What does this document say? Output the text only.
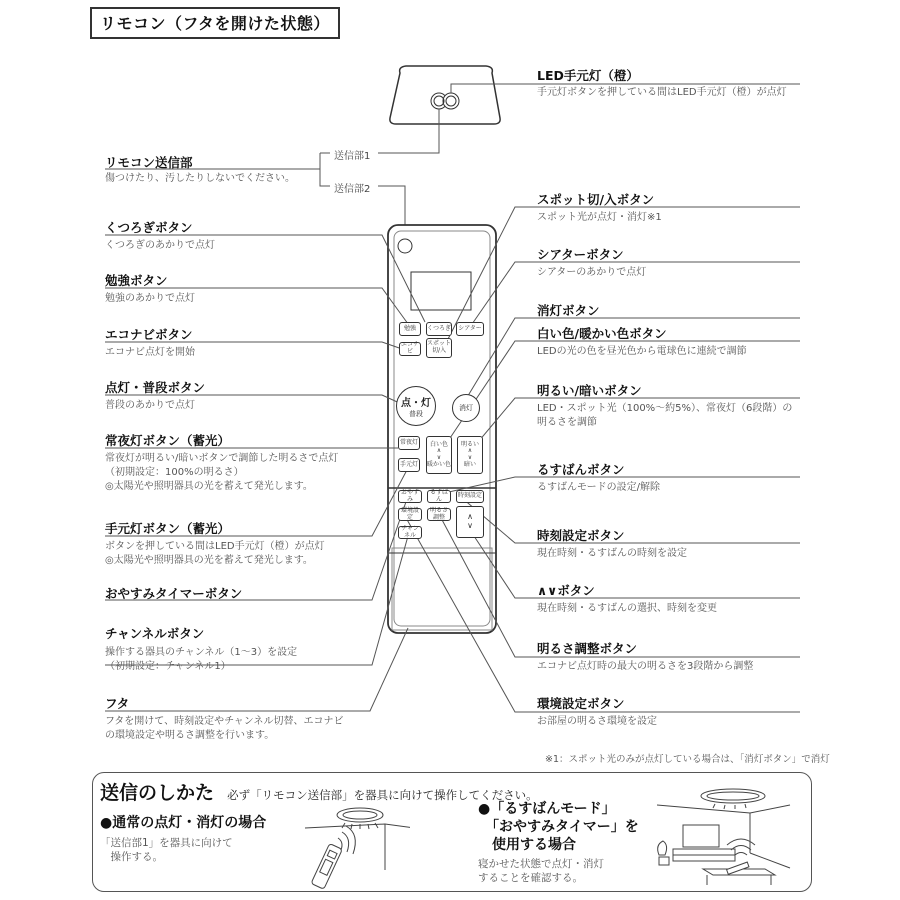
リモコン（フタを開けた状態）
勉強	くつろぎ	シアター
エコナビ
スポット切/入
点・灯
普段
消灯
常夜灯
手元灯
白い色
∧
∨
暖かい色
明るい
∧
∨
暗い
おやすみ
るすばん	時刻設定
環境設定
明るさ調整
チャンネル
∧
∨
LED手元灯（橙）
手元灯ボタンを押している間はLED手元灯（橙）が点灯
リモコン送信部
傷つけたり、汚したりしないでください。
送信部1
送信部2
くつろぎボタン
くつろぎのあかりで点灯
勉強ボタン
勉強のあかりで点灯
エコナビボタン
エコナビ点灯を開始
点灯・普段ボタン
普段のあかりで点灯
常夜灯ボタン（蓄光）
常夜灯が明るい/暗いボタンで調節した明るさで点灯
（初期設定：100%の明るさ）
◎太陽光や照明器具の光を蓄えて発光します。
手元灯ボタン（蓄光）
ボタンを押している間はLED手元灯（橙）が点灯
◎太陽光や照明器具の光を蓄えて発光します。
おやすみタイマーボタン
チャンネルボタン
操作する器具のチャンネル（1〜3）を設定
（初期設定：チャンネル1）
フタ
フタを開けて、時刻設定やチャンネル切替、エコナビ
の環境設定や明るさ調整を行います。
スポット切/入ボタン
スポット光が点灯・消灯※1
シアターボタン
シアターのあかりで点灯
消灯ボタン
白い色/暖かい色ボタン
LEDの光の色を昼光色から電球色に連続で調節
明るい/暗いボタン
LED・スポット光（100%〜約5%）、常夜灯（6段階）の
明るさを調節
るすばんボタン
るすばんモードの設定/解除
時刻設定ボタン
現在時刻・るすばんの時刻を設定
∧∨ボタン
現在時刻・るすばんの選択、時刻を変更
明るさ調整ボタン
エコナビ点灯時の最大の明るさを3段階から調整
環境設定ボタン
お部屋の明るさ環境を設定
※1：スポット光のみが点灯している場合は、「消灯ボタン」で消灯
送信のしかた 必ず「リモコン送信部」を器具に向けて操作してください。
●通常の点灯・消灯の場合
「送信部1」を器具に向けて
　操作する。
●「るすばんモード」
　「おやすみタイマー」を
　使用する場合
寝かせた状態で点灯・消灯
することを確認する。
